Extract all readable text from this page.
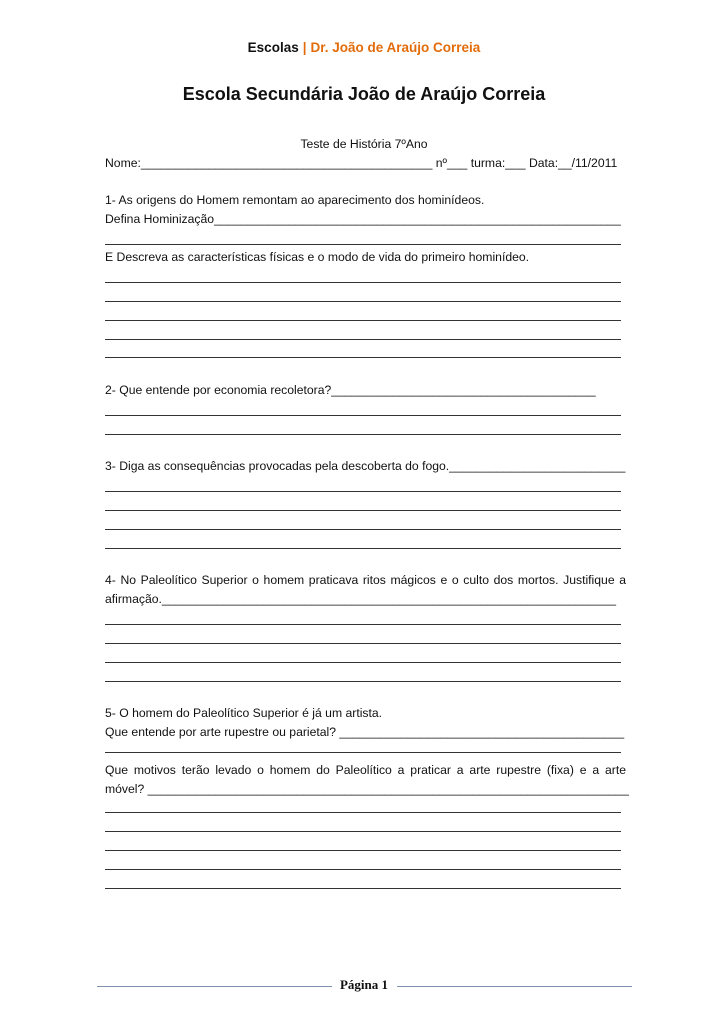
Escolas | Dr. João de Araújo Correia
Escola Secundária João de Araújo Correia
Teste de História 7ºAno
Nome:___________________________________________ nº___ turma:___ Data:__/11/2011
1- As origens do Homem remontam ao aparecimento dos hominídeos.
Defina Hominização____________________________________________________________
E Descreva as características físicas e o modo de vida do primeiro hominídeo.
2- Que entende por economia recoletora?_______________________________________
3- Diga as consequências provocadas pela descoberta do fogo.__________________________
4- No Paleolítico Superior o homem praticava ritos mágicos e o culto dos mortos. Justifique a
afirmação.___________________________________________________________________
5- O homem do Paleolítico Superior é já um artista.
Que entende por arte rupestre ou parietal? __________________________________________
Que motivos terão levado o homem do Paleolítico a praticar a arte rupestre (fixa) e a arte
móvel? _______________________________________________________________________
Página 1
